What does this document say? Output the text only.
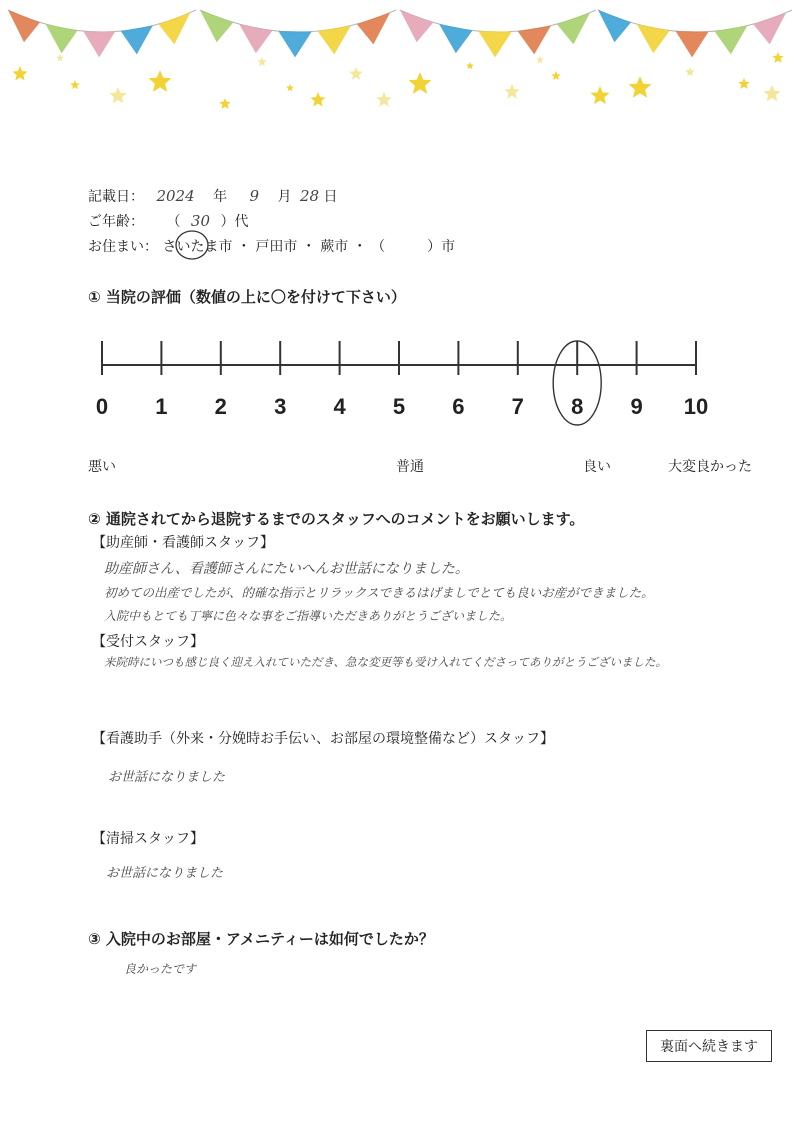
記載日： 2024 年 9 月 28 日
ご年齢： （ 30 ）代
お住まい： さいたま市 ・ 戸田市 ・ 蕨市 ・ （　　　）市
① 当院の評価（数値の上に〇を付けて下さい）
0 1 2 3 4 5 6 7 8 9 10
悪い	普通	良い	大変良かった
② 通院されてから退院するまでのスタッフへのコメントをお願いします。
【助産師・看護師スタッフ】
助産師さん、看護師さんにたいへんお世話になりました。
初めての出産でしたが、的確な指示とリラックスできるはげましでとても良いお産ができました。
入院中もとても丁寧に色々な事をご指導いただきありがとうございました。
【受付スタッフ】
来院時にいつも感じ良く迎え入れていただき、急な変更等も受け入れてくださってありがとうございました。
【看護助手（外来・分娩時お手伝い、お部屋の環境整備など）スタッフ】
お世話になりました
【清掃スタッフ】
お世話になりました
③ 入院中のお部屋・アメニティーは如何でしたか？
良かったです
裏面へ続きます
